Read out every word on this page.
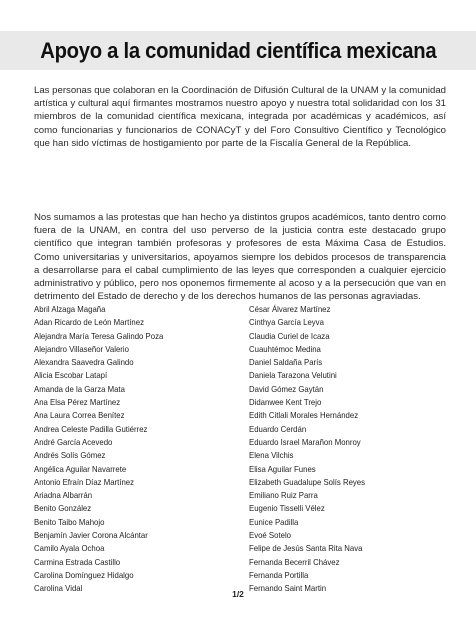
Apoyo a la comunidad científica mexicana

Las personas que colaboran en la Coordinación de Difusión Cultural de la UNAM y la comunidad artística y cultural aquí firmantes mostramos nuestro apoyo y nuestra total solidaridad con los 31 miembros de la comunidad científica mexicana, integrada por académicas y académicos, así como funcionarias y funcionarios de CONACyT y del Foro Consultivo Científico y Tecnológico que han sido víctimas de hostigamiento por parte de la Fiscalía General de la República.

Nos sumamos a las protestas que han hecho ya distintos grupos académicos, tanto dentro como fuera de la UNAM, en contra del uso perverso de la justicia contra este destacado grupo científico que integran también profesoras y profesores de esta Máxima Casa de Estudios. Como universitarias y universitarios, apoyamos siempre los debidos procesos de transparencia a desarrollarse para el cabal cumplimiento de las leyes que corresponden a cualquier ejercicio administrativo y público, pero nos oponemos firmemente al acoso y a la persecución que van en detrimento del Estado de derecho y de los derechos humanos de las personas agraviadas.

Abril Alzaga Magaña
Adan Ricardo de León Martínez
Alejandra María Teresa Galindo Poza
Alejandro Villaseñor Valerio
Alexandra Saavedra Galindo
Alicia Escobar Latapí
Amanda de la Garza Mata
Ana Elsa Pérez Martínez
Ana Laura Correa Benítez
Andrea Celeste Padilla Gutiérrez
André García Acevedo
Andrés Solís Gómez
Angélica Aguilar Navarrete
Antonio Efraín Díaz Martínez
Ariadna Albarrán
Benito González
Benito Taibo Mahojo
Benjamín Javier Corona Alcántar
Camilo Ayala Ochoa
Carmina Estrada Castillo
Carolina Domínguez Hidalgo
Carolina Vidal
César Álvarez Martínez
Cinthya García Leyva
Claudia Curiel de Icaza
Cuauhtémoc Medina
Daniel Saldaña París
Daniela Tarazona Velutini
David Gómez Gaytán
Didanwee Kent Trejo
Edith Citlali Morales Hernández
Eduardo Cerdán
Eduardo Israel Marañon Monroy
Elena Vilchis
Elisa Aguilar Funes
Elizabeth Guadalupe Solís Reyes
Emiliano Ruiz Parra
Eugenio Tisselli Vélez
Eunice Padilla
Evoé Sotelo
Felipe de Jesús Santa Rita Nava
Fernanda Becerril Chávez
Fernanda Portilla
Fernando Saint Martin
1/2
